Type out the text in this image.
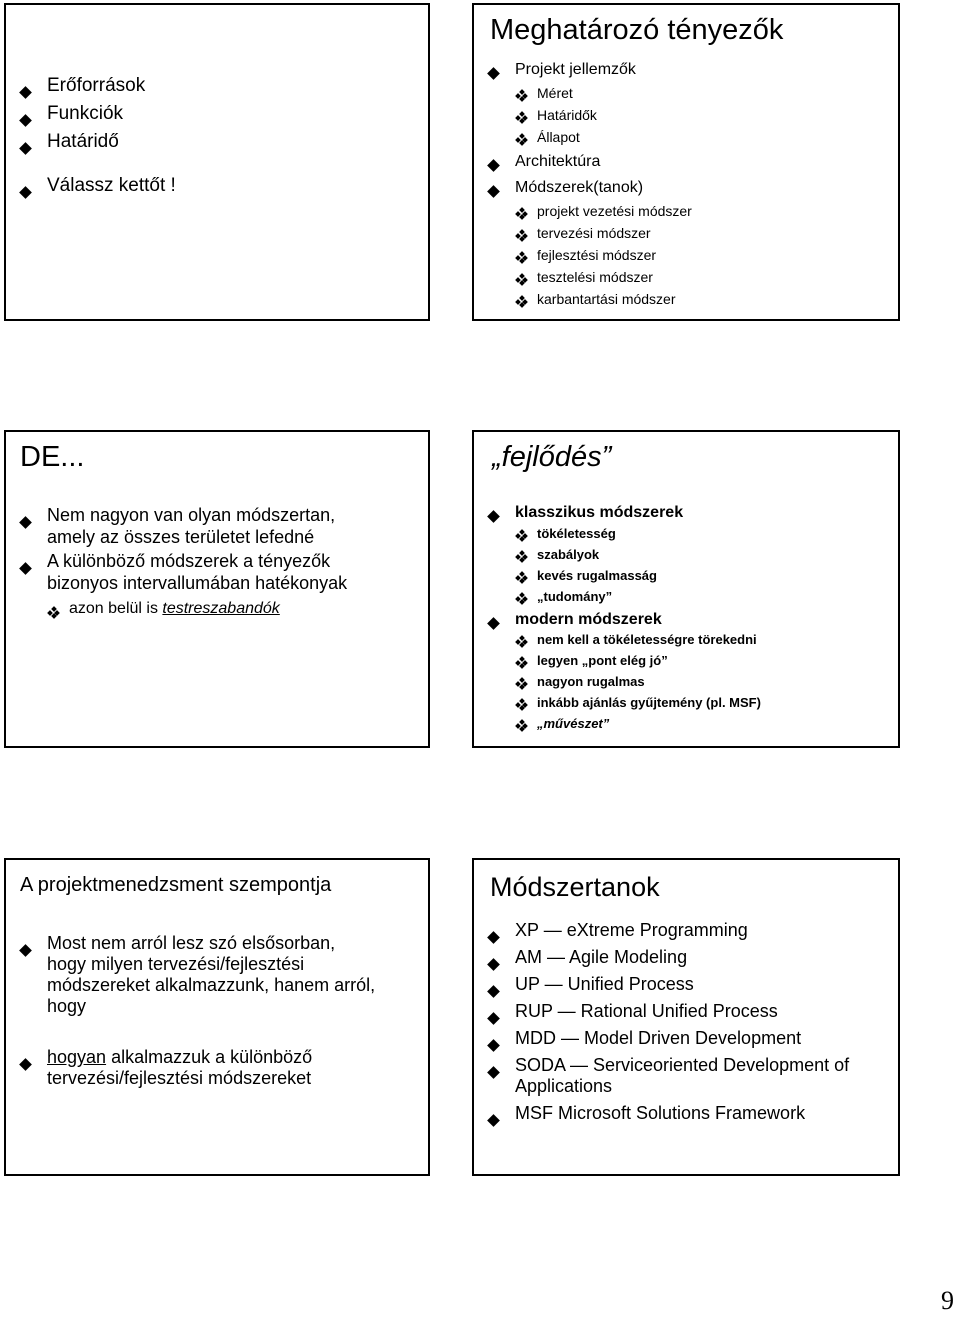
Erőforrások
Funkciók
Határidő
Válassz kettőt !
Meghatározó tényezők
Projekt jellemzők
Méret
Határidők
Állapot
Architektúra
Módszerek(tanok)
projekt vezetési módszer
tervezési módszer
fejlesztési módszer
tesztelési módszer
karbantartási módszer
DE...
Nem nagyon van olyan módszertan,
amely az összes területet lefedné
A különböző módszerek a tényezők
bizonyos intervallumában hatékonyak
azon belül is testreszabandók
„fejlődés”
klasszikus módszerek
tökéletesség
szabályok
kevés rugalmasság
„tudomány”
modern módszerek
nem kell a tökéletességre törekedni
legyen „pont elég jó”
nagyon rugalmas
inkább ajánlás gyűjtemény (pl. MSF)
„művészet”
A projektmenedzsment szempontja
Most nem arról lesz szó elsősorban,
hogy milyen tervezési/fejlesztési
módszereket alkalmazzunk, hanem arról,
hogy
hogyan alkalmazzuk a különböző
tervezési/fejlesztési módszereket
Módszertanok
XP — eXtreme Programming
AM — Agile Modeling
UP — Unified Process
RUP — Rational Unified Process
MDD — Model Driven Development
SODA — Serviceoriented Development of
Applications
MSF Microsoft Solutions Framework
9
